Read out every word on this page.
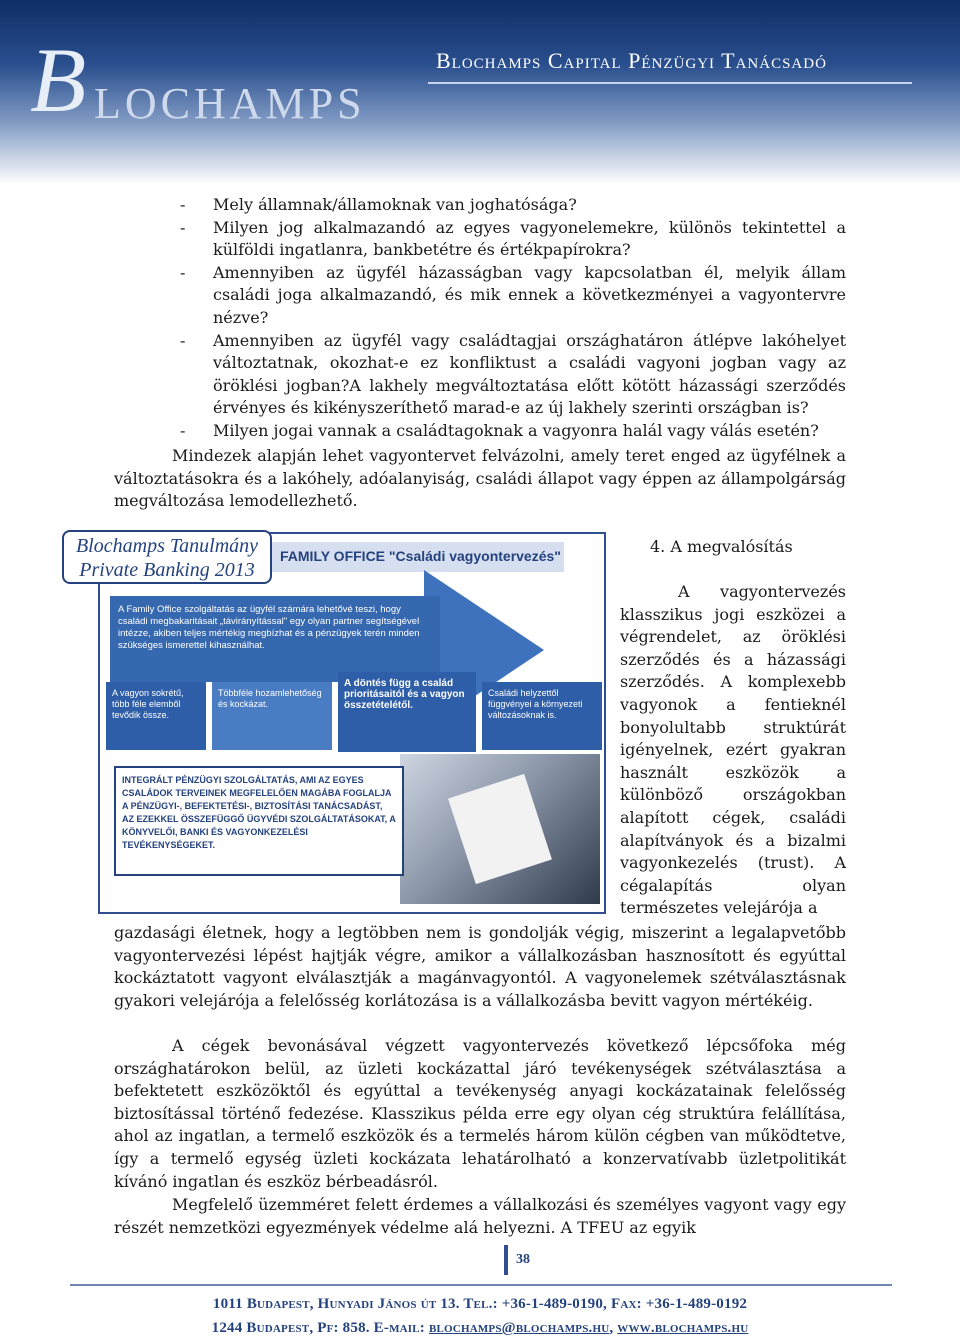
B LOCHAMPS
Blochamps Capital Pénzügyi Tanácsadó
- Mely államnak/államoknak van joghatósága?
- Milyen jog alkalmazandó az egyes vagyonelemekre, különös tekintettel a külföldi ingatlanra, bankbetétre és értékpapírokra?
- Amennyiben az ügyfél házasságban vagy kapcsolatban él, melyik állam családi joga alkalmazandó, és mik ennek a következményei a vagyontervre nézve?
- Amennyiben az ügyfél vagy családtagjai országhatáron átlépve lakóhelyet változtatnak, okozhat-e ez konfliktust a családi vagyoni jogban vagy az öröklési jogban?A lakhely megváltoztatása előtt kötött házassági szerződés érvényes és kikényszeríthető marad-e az új lakhely szerinti országban is?
- Milyen jogai vannak a családtagoknak a vagyonra halál vagy válás esetén?

Mindezek alapján lehet vagyontervet felvázolni, amely teret enged az ügyfélnek a változtatásokra és a lakóhely, adóalanyiság, családi állapot vagy éppen az állampolgárság megváltozása lemodellezhető.

FAMILY OFFICE "Családi vagyontervezés"
A Family Office szolgáltatás az ügyfél számára lehetővé teszi, hogy családi megbakaritásait „távirányítással" egy olyan partner segítségével intézze, akiben teljes mértékig megbízhat és a pénzügyek terén minden szükséges ismerettel kihasználhat.
A vagyon sokrétű, több féle elemből tevődik össze.
Többféle hozamlehetőség és kockázat.
A döntés függ a család prioritásaitól és a vagyon összetételétől.
Családi helyzettől függvényei a környezeti változásoknak is.
INTEGRÁLT PÉNZÜGYI SZOLGÁLTATÁS, AMI AZ EGYES CSALÁDOK TERVEINEK MEGFELELŐEN MAGÁBA FOGLALJA A PÉNZÜGYI-, BEFEKTETÉSI-, BIZTOSÍTÁSI TANÁCSADÁST, AZ EZEKKEL ÖSSZEFÜGGŐ ÜGYVÉDI SZOLGÁLTATÁSOKAT, A KÖNYVELŐI, BANKI ÉS VAGYONKEZELÉSI TEVÉKENYSÉGEKET.
Blochamps Tanulmány
Private Banking 2013
4. A megvalósítás

A vagyontervezés klasszikus jogi eszközei a végrendelet, az öröklési szerződés és a házassági szerződés. A komplexebb vagyonok a fentieknél bonyolultabb struktúrát igényelnek, ezért gyakran használt eszközök a különböző országokban alapított cégek, családi alapítványok és a bizalmi vagyonkezelés (trust). A cégalapítás olyan természetes velejárója a

gazdasági életnek, hogy a legtöbben nem is gondolják végig, miszerint a legalapvetőbb vagyontervezési lépést hajtják végre, amikor a vállalkozásban hasznosított és egyúttal kockáztatott vagyont elválasztják a magánvagyontól. A vagyonelemek szétválasztásnak gyakori velejárója a felelősség korlátozása is a vállalkozásba bevitt vagyon mértékéig.

A cégek bevonásával végzett vagyontervezés következő lépcsőfoka még országhatárokon belül, az üzleti kockázattal járó tevékenységek szétválasztása a befektetett eszközöktől és egyúttal a tevékenység anyagi kockázatainak felelősség biztosítással történő fedezése. Klasszikus példa erre egy olyan cég struktúra felállítása, ahol az ingatlan, a termelő eszközök és a termelés három külön cégben van működtetve, így a termelő egység üzleti kockázata lehatárolható a konzervatívabb üzletpolitikát kívánó ingatlan és eszköz bérbeadásról.

Megfelelő üzemméret felett érdemes a vállalkozási és személyes vagyont vagy egy részét nemzetközi egyezmények védelme alá helyezni. A TFEU az egyik

38
1011 Budapest, Hunyadi János út 13. Tel.: +36-1-489-0190, Fax: +36-1-489-0192
1244 Budapest, Pf: 858. E-mail: blochamps@blochamps.hu, www.blochamps.hu
